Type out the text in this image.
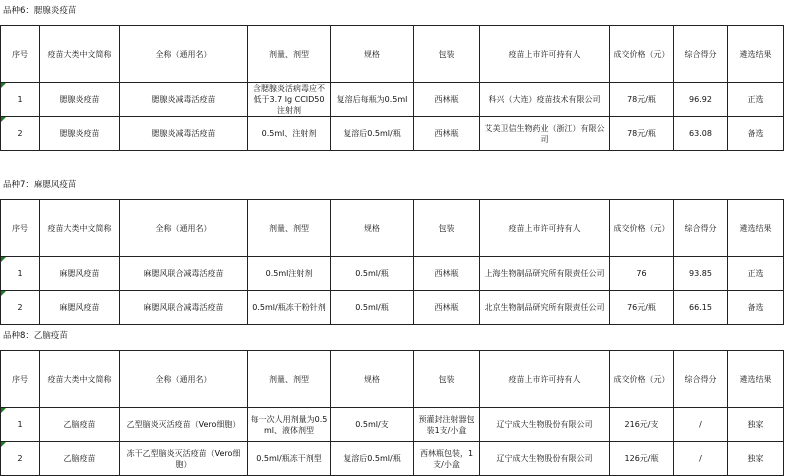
品种6：腮腺炎疫苗
序号	疫苗大类中文简称	全称（通用名）	剂量、剂型	规格	包装	疫苗上市许可持有人	成交价格（元）	综合得分	遴选结果

1	腮腺炎疫苗	腮腺炎减毒活疫苗	含腮腺炎活病毒应不低于3.7 lg CCID50注射剂	复溶后每瓶为0.5ml	西林瓶	科兴（大连）疫苗技术有限公司	78元/瓶	96.92	正选

2	腮腺炎疫苗	腮腺炎减毒活疫苗	0.5ml、注射剂	复溶后0.5ml/瓶	西林瓶	艾美卫信生物药业（浙江）有限公司	78元/瓶	63.08	备选
品种7：麻腮风疫苗
序号	疫苗大类中文简称	全称（通用名）	剂量、剂型	规格	包装	疫苗上市许可持有人	成交价格（元）	综合得分	遴选结果

1	麻腮风疫苗	麻腮风联合减毒活疫苗	0.5ml注射剂	0.5ml/瓶	西林瓶	上海生物制品研究所有限责任公司	76	93.85	正选

2	麻腮风疫苗	麻腮风联合减毒活疫苗	0.5ml/瓶冻干粉针剂	0.5ml/瓶	西林瓶	北京生物制品研究所有限责任公司	76元/瓶	66.15	备选
品种8：乙脑疫苗
序号	疫苗大类中文简称	全称（通用名）	剂量、剂型	规格	包装	疫苗上市许可持有人	成交价格（元）	综合得分	遴选结果

1	乙脑疫苗	乙型脑炎灭活疫苗（Vero细胞）	每一次人用剂量为0.5ml、液体剂型	0.5ml/支	预灌封注射器包装1支/小盒	辽宁成大生物股份有限公司	216元/支	/	独家

2	乙脑疫苗	冻干乙型脑炎灭活疫苗（Vero细胞）	0.5ml/瓶冻干剂型	复溶后0.5ml/瓶	西林瓶包装，1支/小盒	辽宁成大生物股份有限公司	126元/瓶	/	独家
